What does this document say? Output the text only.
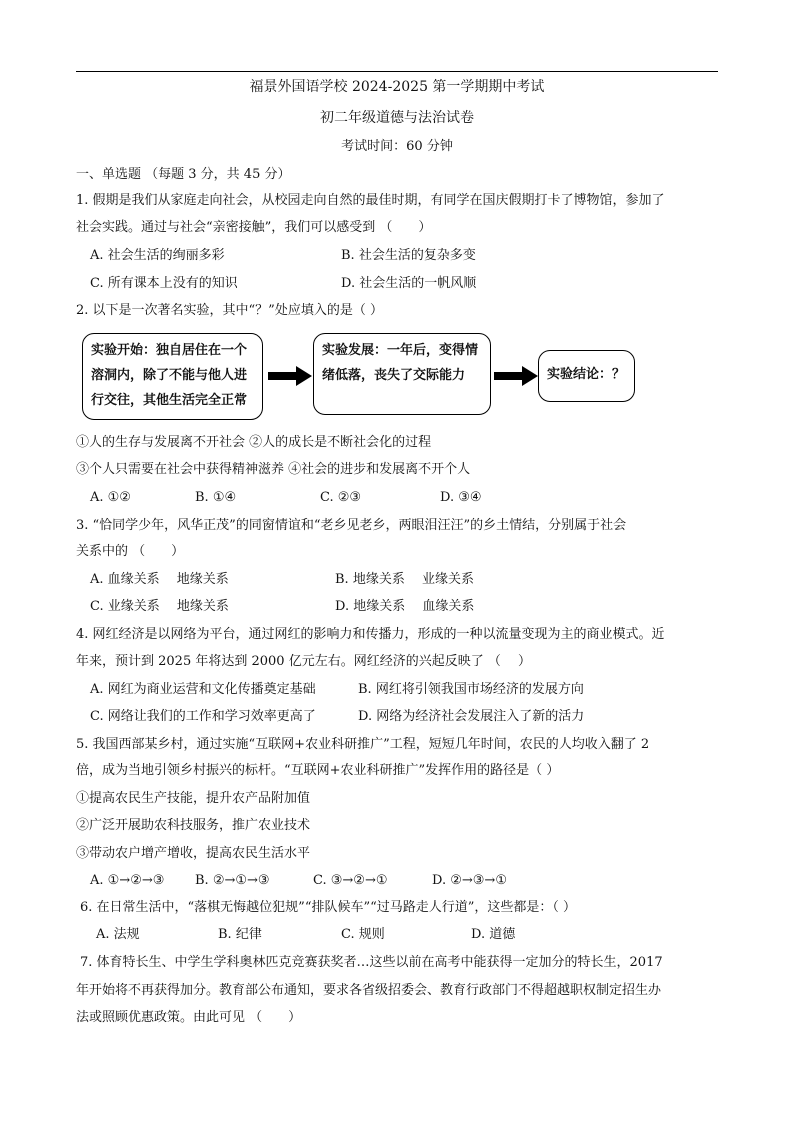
福景外国语学校 2024-2025 第一学期期中考试
初二年级道德与法治试卷
考试时间：60 分钟
一、单选题 （每题 3 分，共 45 分）
1. 假期是我们从家庭走向社会，从校园走向自然的最佳时期，有同学在国庆假期打卡了博物馆，参加了
社会实践。通过与社会“亲密接触”，我们可以感受到 （　　）
A. 社会生活的绚丽多彩	B. 社会生活的复杂多变
C. 所有课本上没有的知识	D. 社会生活的一帆风顺
2. 以下是一次著名实验，其中“？”处应填入的是（ ）
实验开始：独自居住在一个溶洞内，除了不能与他人进行交往，其他生活完全正常
实验发展：一年后，变得情绪低落，丧失了交际能力	实验结论：？
①人的生存与发展离不开社会 ②人的成长是不断社会化的过程
③个人只需要在社会中获得精神滋养 ④社会的进步和发展离不开个人
A. ①②	B. ①④	C. ②③	D. ③④
3. “恰同学少年，风华正茂”的同窗情谊和“老乡见老乡，两眼泪汪汪”的乡土情结，分别属于社会
关系中的 （　　）
A. 血缘关系　 地缘关系	B. 地缘关系　 业缘关系
C. 业缘关系　 地缘关系	D. 地缘关系　 血缘关系
4. 网红经济是以网络为平台，通过网红的影响力和传播力，形成的一种以流量变现为主的商业模式。近
年来，预计到 2025 年将达到 2000 亿元左右。网红经济的兴起反映了 （　 ）
A. 网红为商业运营和文化传播奠定基础	B. 网红将引领我国市场经济的发展方向
C. 网络让我们的工作和学习效率更高了	D. 网络为经济社会发展注入了新的活力
5. 我国西部某乡村，通过实施“互联网+农业科研推广”工程，短短几年时间，农民的人均收入翻了 2
倍，成为当地引领乡村振兴的标杆。“互联网+农业科研推广”发挥作用的路径是（ ）
①提高农民生产技能，提升农产品附加值
②广泛开展助农科技服务，推广农业技术
③带动农户增产增收，提高农民生活水平
A. ①→②→③ B. ②→①→③	C. ③→②→①	D. ②→③→①
6. 在日常生活中，“落棋无悔越位犯规”“排队候车”“过马路走人行道”，这些都是：（ ）
A. 法规	B. 纪律	C. 规则	D. 道德
7. 体育特长生、中学生学科奥林匹克竞赛获奖者…这些以前在高考中能获得一定加分的特长生，2017
年开始将不再获得加分。教育部公布通知，要求各省级招委会、教育行政部门不得超越职权制定招生办
法或照顾优惠政策。由此可见 （　　）
